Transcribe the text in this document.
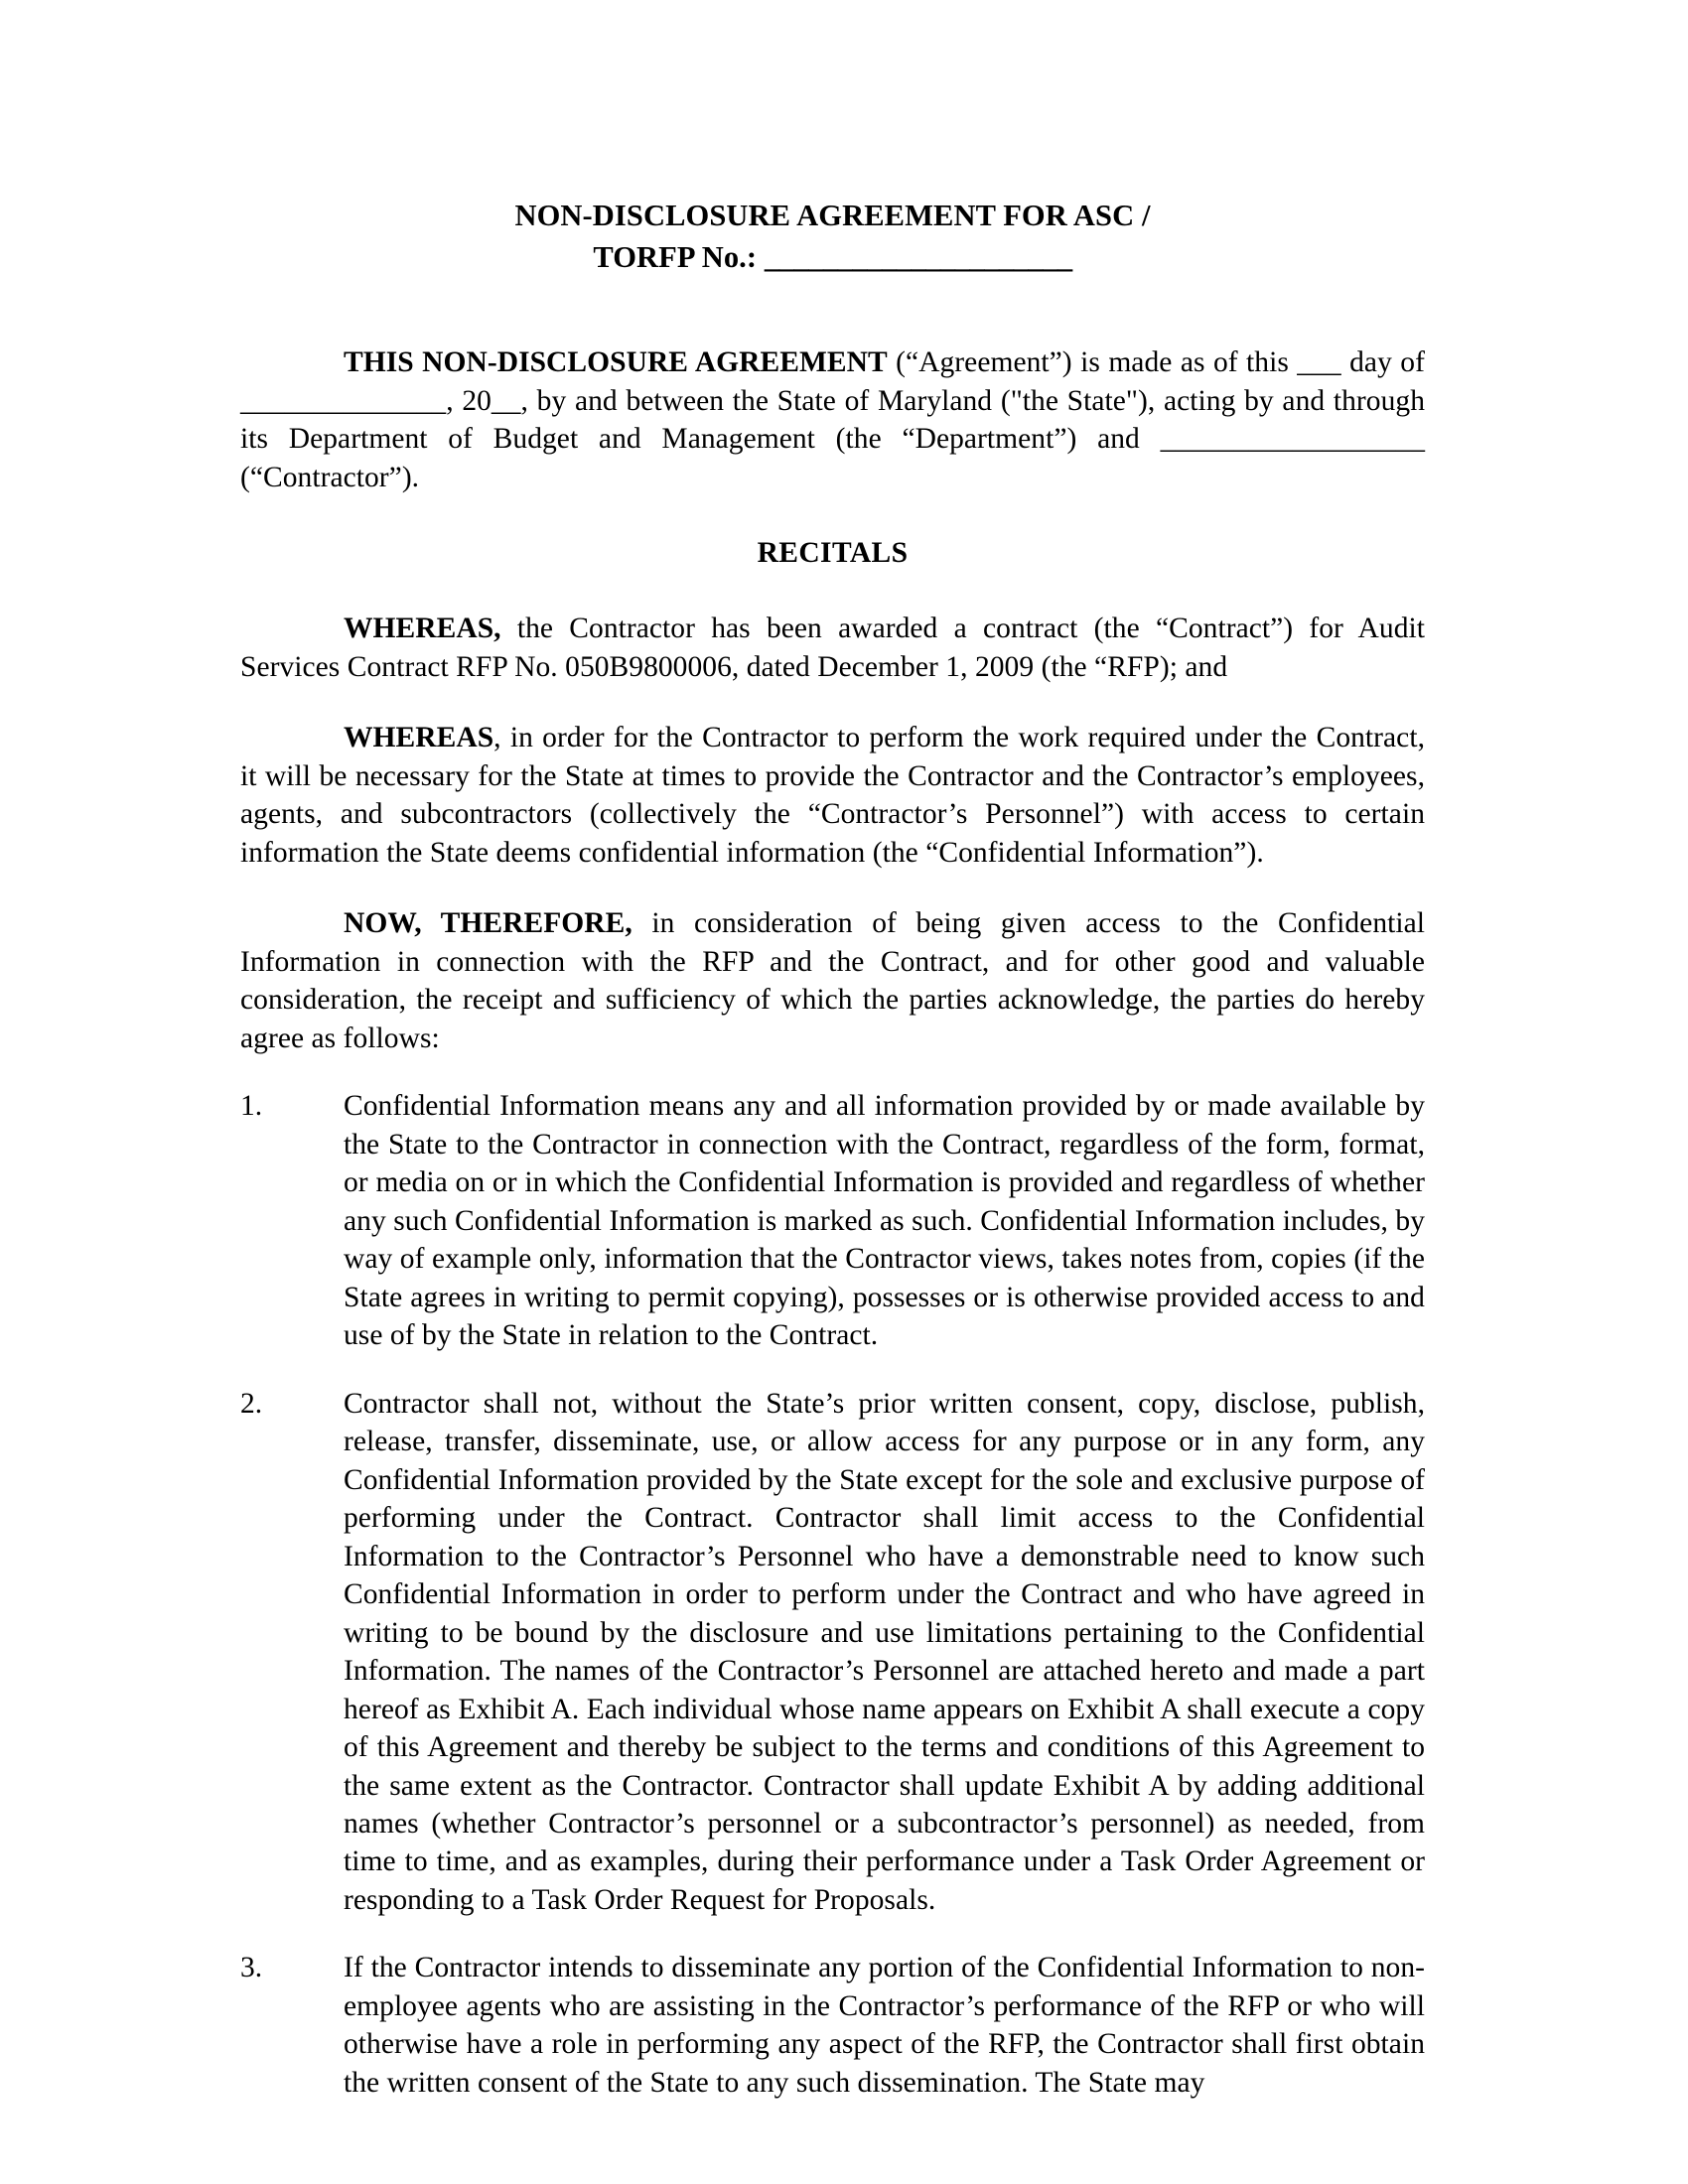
NON-DISCLOSURE AGREEMENT FOR ASC /
TORFP No.: _____________________

THIS NON-DISCLOSURE AGREEMENT (“Agreement”) is made as of this ___ day of ______________, 20__, by and between the State of Maryland ("the State"), acting by and through its Department of Budget and Management (the “Department”) and __________________ (“Contractor”).

RECITALS

WHEREAS, the Contractor has been awarded a contract (the “Contract”) for Audit Services Contract RFP No. 050B9800006, dated December 1, 2009 (the “RFP); and

WHEREAS, in order for the Contractor to perform the work required under the Contract, it will be necessary for the State at times to provide the Contractor and the Contractor’s employees, agents, and subcontractors (collectively the “Contractor’s Personnel”) with access to certain information the State deems confidential information (the “Confidential Information”).

NOW, THEREFORE, in consideration of being given access to the Confidential Information in connection with the RFP and the Contract, and for other good and valuable consideration, the receipt and sufficiency of which the parties acknowledge, the parties do hereby agree as follows:

1.	Confidential Information means any and all information provided by or made available by the State to the Contractor in connection with the Contract, regardless of the form, format, or media on or in which the Confidential Information is provided and regardless of whether any such Confidential Information is marked as such. Confidential Information includes, by way of example only, information that the Contractor views, takes notes from, copies (if the State agrees in writing to permit copying), possesses or is otherwise provided access to and use of by the State in relation to the Contract.
2.	Contractor shall not, without the State’s prior written consent, copy, disclose, publish, release, transfer, disseminate, use, or allow access for any purpose or in any form, any Confidential Information provided by the State except for the sole and exclusive purpose of performing under the Contract. Contractor shall limit access to the Confidential Information to the Contractor’s Personnel who have a demonstrable need to know such Confidential Information in order to perform under the Contract and who have agreed in writing to be bound by the disclosure and use limitations pertaining to the Confidential Information. The names of the Contractor’s Personnel are attached hereto and made a part hereof as Exhibit A. Each individual whose name appears on Exhibit A shall execute a copy of this Agreement and thereby be subject to the terms and conditions of this Agreement to the same extent as the Contractor. Contractor shall update Exhibit A by adding additional names (whether Contractor’s personnel or a subcontractor’s personnel) as needed, from time to time, and as examples, during their performance under a Task Order Agreement or responding to a Task Order Request for Proposals.
3.	If the Contractor intends to disseminate any portion of the Confidential Information to non-employee agents who are assisting in the Contractor’s performance of the RFP or who will otherwise have a role in performing any aspect of the RFP, the Contractor shall first obtain the written consent of the State to any such dissemination. The State may
